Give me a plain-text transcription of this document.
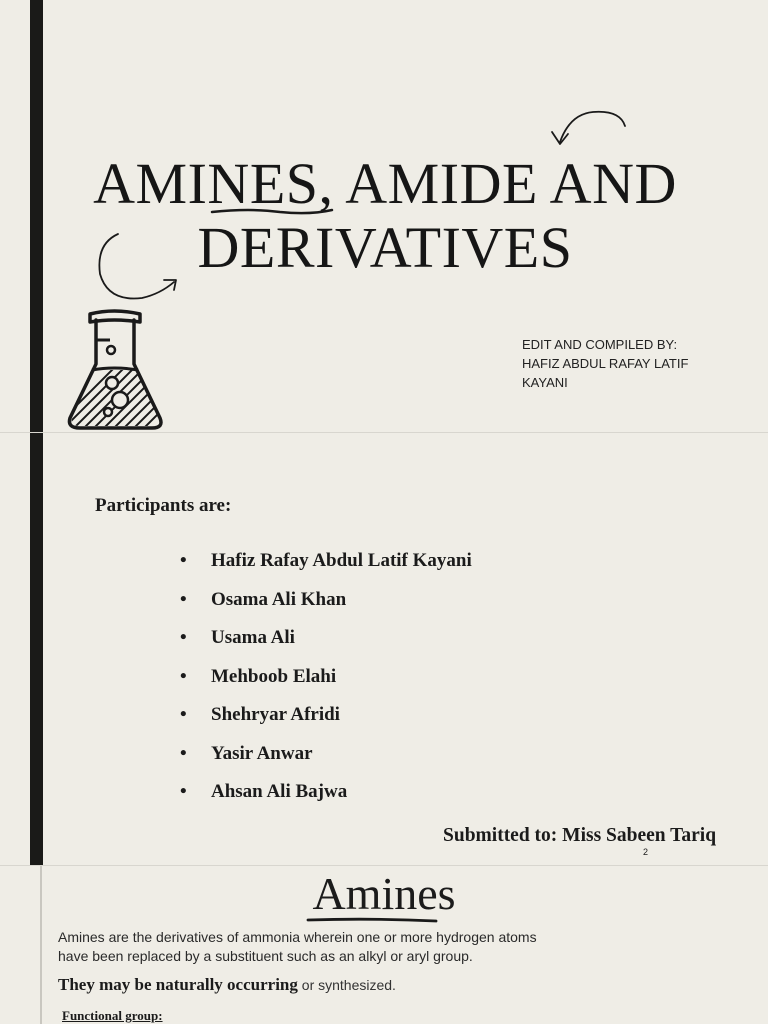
AMINES, AMIDE AND
DERIVATIVES
EDIT AND COMPILED BY:
HAFIZ ABDUL RAFAY LATIF
KAYANI
Participants are:
• Hafiz Rafay Abdul Latif Kayani
• Osama Ali Khan
• Usama Ali
• Mehboob Elahi
• Shehryar Afridi
• Yasir Anwar
• Ahsan Ali Bajwa
Submitted to: Miss Sabeen Tariq
2
Amines
Amines are the derivatives of ammonia wherein one or more hydrogen atoms
have been replaced by a substituent such as an alkyl or aryl group.
They may be naturally occurring or synthesized.
Functional group:
